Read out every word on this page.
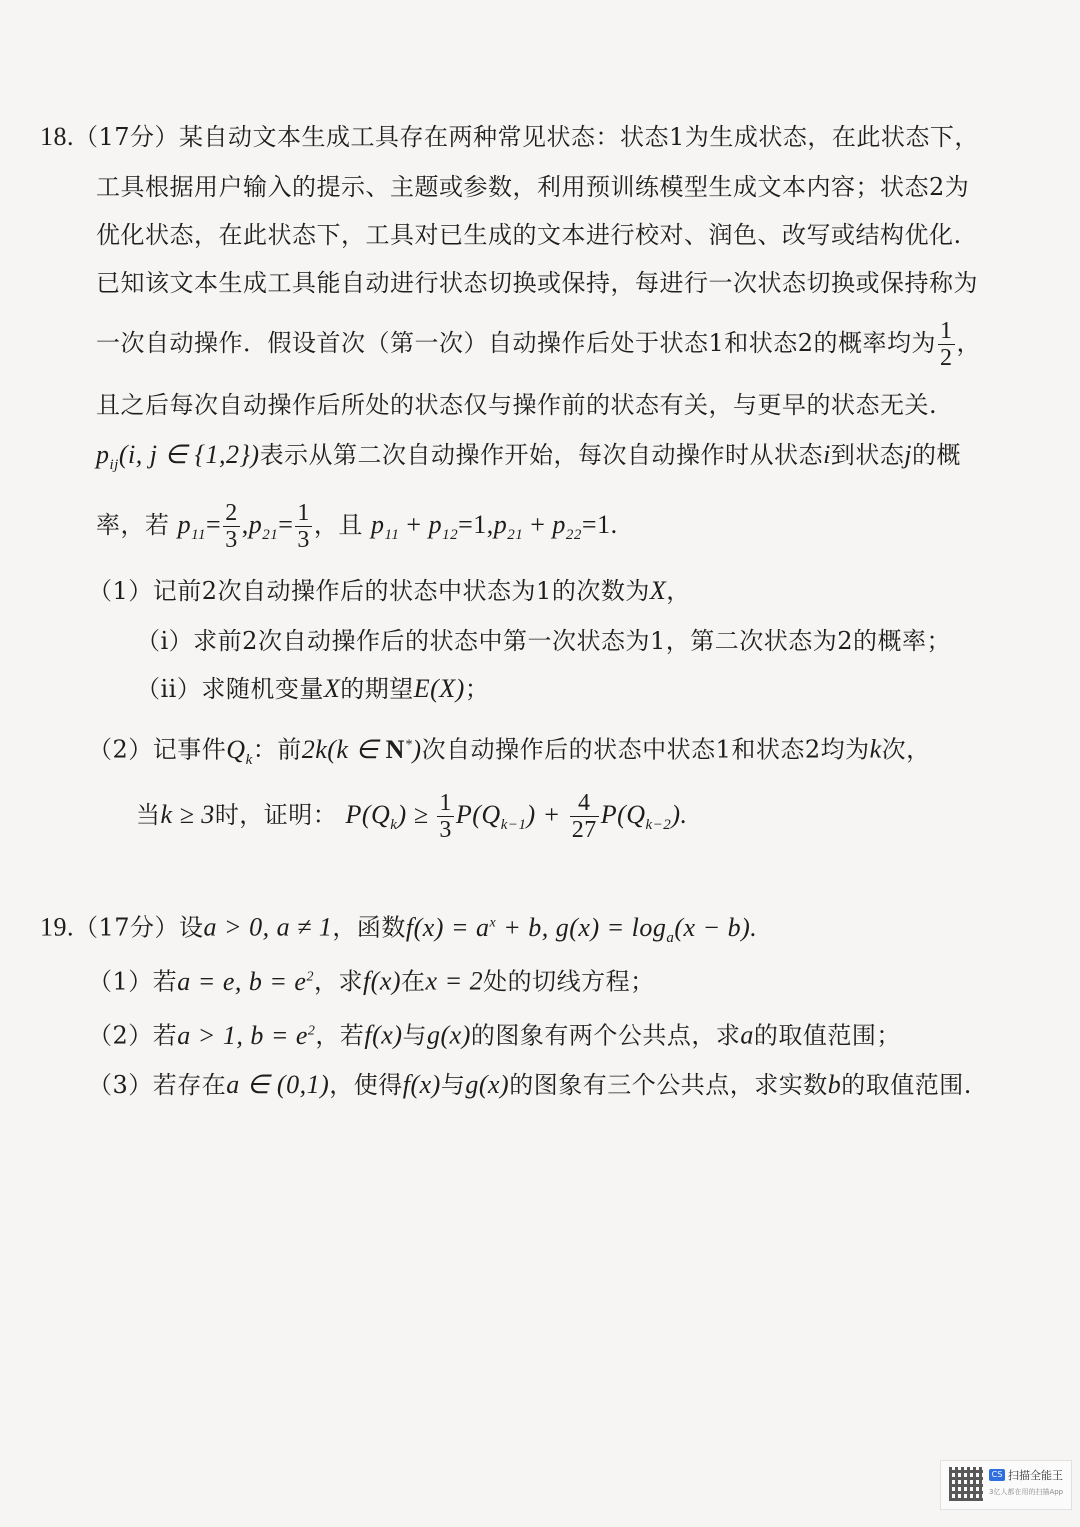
18.（17分）某自动文本生成工具存在两种常见状态：状态1为生成状态，在此状态下，
工具根据用户输入的提示、主题或参数，利用预训练模型生成文本内容；状态2为
优化状态，在此状态下，工具对已生成的文本进行校对、润色、改写或结构优化.
已知该文本生成工具能自动进行状态切换或保持，每进行一次状态切换或保持称为
一次自动操作．假设首次（第一次）自动操作后处于状态1和状态2的概率均为 $\frac{1}{2}$ ，
且之后每次自动操作后所处的状态仅与操作前的状态有关，与更早的状态无关.
$p_{ij}(i$, j ∈ {1,2})表示从第二次自动操作开始，每次自动操作时从状态i到状态j的概
率，若 $p_{11}= \frac{2}{3} ,p_{21}= \frac{1}{3}$ ，且 $p_{11} + p_{12}=1,p_{21} + p_{22}=1$.
（1）记前2次自动操作后的状态中状态为1的次数为X，
（i）求前2次自动操作后的状态中第一次状态为1，第二次状态为2的概率；
（ii）求随机变量X的期望E(X)；
（2）记事件$Q_k$：前2k(k ∈ N*)次自动操作后的状态中状态1和状态2均为k次，
当k ≥ 3时，证明： $P(Q_k) \ge \frac{1}{3} P(Q_{k-1}) + \frac{4}{27} P(Q_{k-2})$.
19.（17分）设a > 0, a ≠ 1，函数$f(x) = a^x + b$, $g(x) = \log_a(x - b)$.
（1）若a = e, $b = e^2$，求f(x)在x = 2处的切线方程；
（2）若a > 1, $b = e^2$，若f(x)与g(x)的图象有两个公共点，求a的取值范围；
（3）若存在a ∈ (0,1)，使得f(x)与g(x)的图象有三个公共点，求实数b的取值范围.
CS 扫描全能王
3亿人都在用的扫描App
